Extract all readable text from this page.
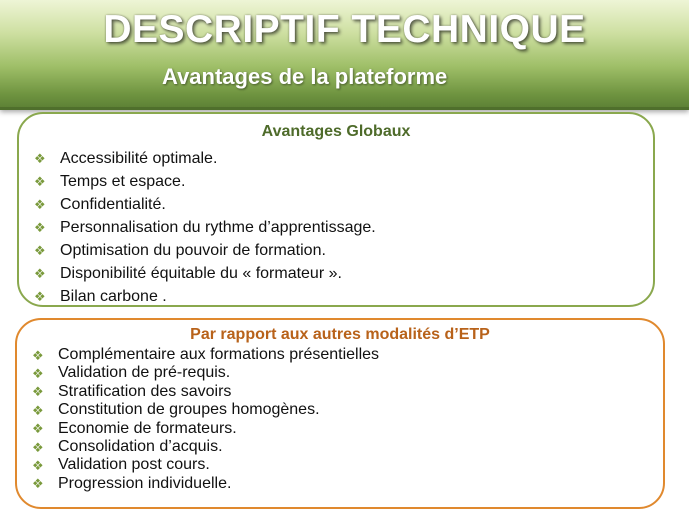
DESCRIPTIF TECHNIQUE
Avantages de la plateforme
Avantages Globaux
❖ Accessibilité optimale.
❖ Temps et espace.
❖ Confidentialité.
❖ Personnalisation du rythme d’apprentissage.
❖ Optimisation du pouvoir de formation.
❖ Disponibilité équitable du « formateur ».
❖ Bilan carbone .
Par rapport aux autres modalités d’ETP
❖ Complémentaire aux formations présentielles
❖ Validation de pré-requis.
❖ Stratification des savoirs
❖ Constitution de groupes homogènes.
❖ Economie de formateurs.
❖ Consolidation d’acquis.
❖ Validation post cours.
❖ Progression individuelle.
